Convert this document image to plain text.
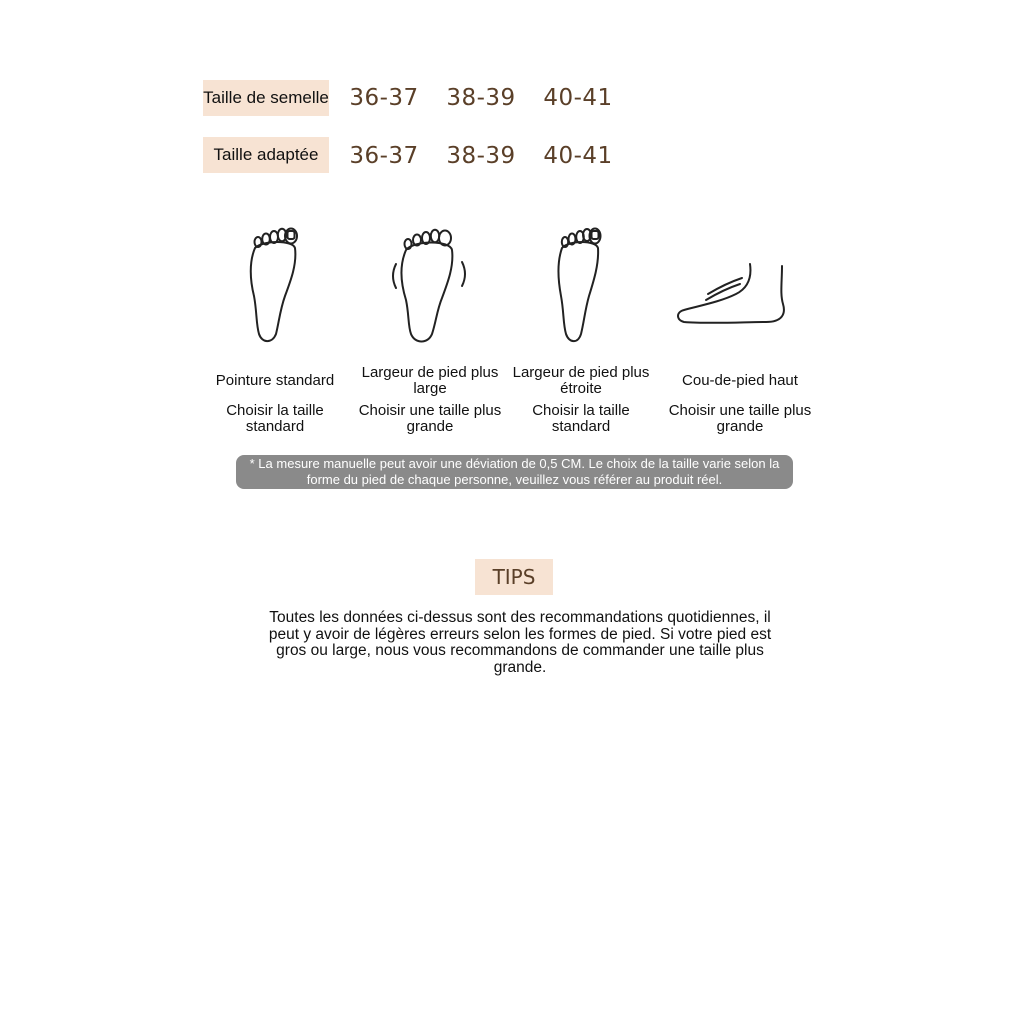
Taille de semelle 36-37 38-39 40-41
Taille adaptée	36-37 38-39 40-41
Pointure standard
Choisir la taille standard
Largeur de pied plus large
Choisir une taille plus grande
Largeur de pied plus étroite
Choisir la taille standard
Cou-de-pied haut
Choisir une taille plus grande
* La mesure manuelle peut avoir une déviation de 0,5 CM. Le choix de la taille varie selon la forme du pied de chaque personne, veuillez vous référer au produit réel.
TIPS
Toutes les données ci-dessus sont des recommandations quotidiennes, il peut y avoir de légères erreurs selon les formes de pied. Si votre pied est gros ou large, nous vous recommandons de commander une taille plus grande.
